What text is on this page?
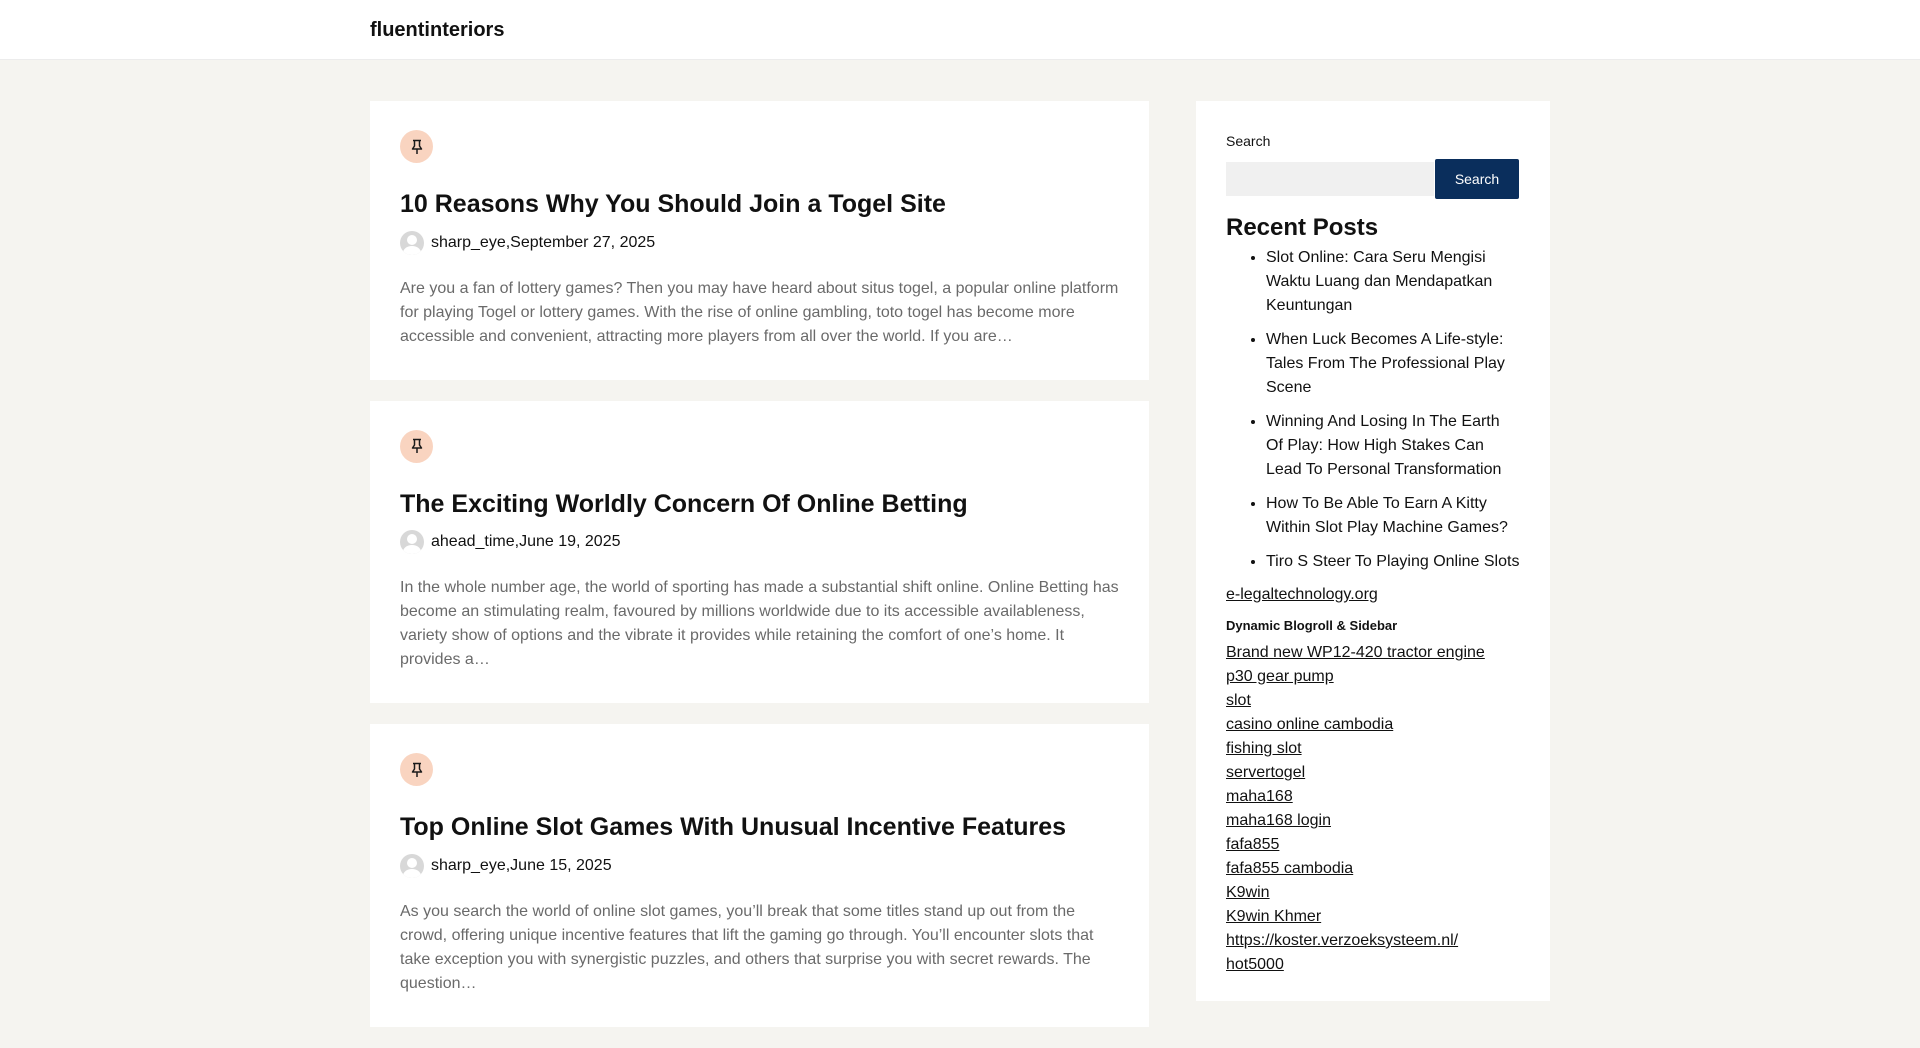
fluentinteriors
10 Reasons Why You Should Join a Togel Site
sharp_eye , September 27, 2025

Are you a fan of lottery games? Then you may have heard about situs togel, a popular online platform for playing Togel or lottery games. With the rise of online gambling, toto togel has become more accessible and convenient, attracting more players from all over the world. If you are…

The Exciting Worldly Concern Of Online Betting
ahead_time , June 19, 2025

In the whole number age, the world of sporting has made a substantial shift online. Online Betting has become an stimulating realm, favoured by millions worldwide due to its accessible availableness, variety show of options and the vibrate it provides while retaining the comfort of one’s home. It provides a…

Top Online Slot Games With Unusual Incentive Features
sharp_eye , June 15, 2025

As you search the world of online slot games, you’ll break that some titles stand up out from the crowd, offering unique incentive features that lift the gaming go through. You’ll encounter slots that take exception you with synergistic puzzles, and others that surprise you with secret rewards. The question…

Search
Search
Recent Posts
• Slot Online: Cara Seru Mengisi Waktu Luang dan Mendapatkan Keuntungan
• When Luck Becomes A Life-style: Tales From The Professional Play Scene
• Winning And Losing In The Earth Of Play: How High Stakes Can Lead To Personal Transformation
• How To Be Able To Earn A Kitty Within Slot Play Machine Games?
• Tiro S Steer To Playing Online Slots
e-legaltechnology.org
Dynamic Blogroll & Sidebar
Brand new WP12-420 tractor engine
p30 gear pump
slot
casino online cambodia
fishing slot
servertogel
maha168
maha168 login
fafa855
fafa855 cambodia
K9win
K9win Khmer
https://koster.verzoeksysteem.nl/
hot5000
